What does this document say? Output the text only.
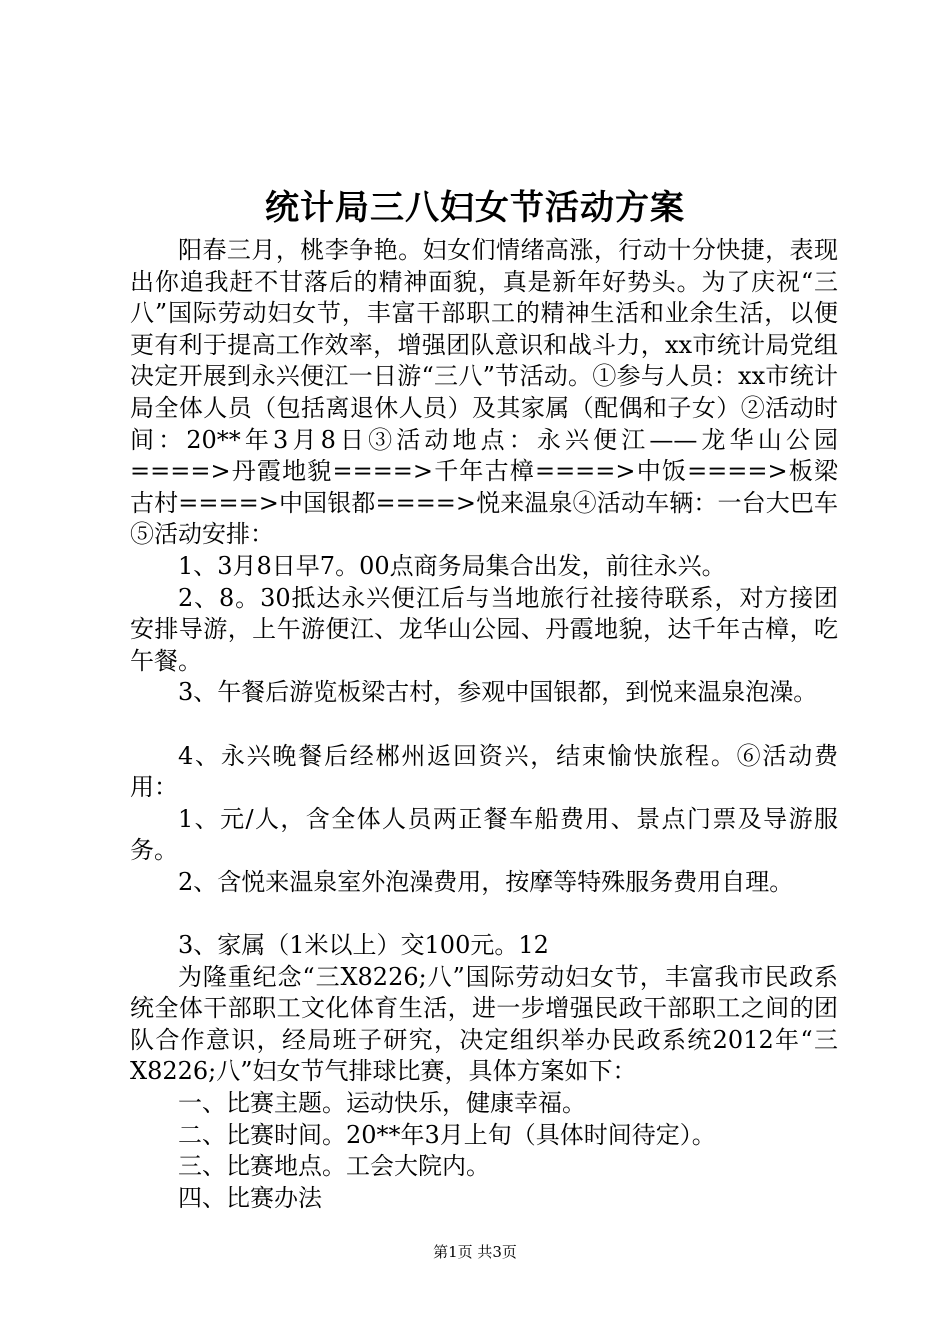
统计局三八妇女节活动方案

阳春三月，桃李争艳。妇女们情绪高涨，行动十分快捷，表现出你追我赶不甘落后的精神面貌，真是新年好势头。为了庆祝“三八”国际劳动妇女节，丰富干部职工的精神生活和业余生活，以便更有利于提高工作效率，增强团队意识和战斗力，xx市统计局党组决定开展到永兴便江一日游“三八”节活动。①参与人员：xx市统计局全体人员（包括离退休人员）及其家属（配偶和子女）②活动时间：20**年3月8日③活动地点：永兴便江——龙华山公园====>丹霞地貌====>千年古樟====>中饭====>板梁古村====>中国银都====>悦来温泉④活动车辆：一台大巴车⑤活动安排：

1、3月8日早7。00点商务局集合出发，前往永兴。

2、8。30抵达永兴便江后与当地旅行社接待联系，对方接团安排导游，上午游便江、龙华山公园、丹霞地貌，达千年古樟，吃午餐。

3、午餐后游览板梁古村，参观中国银都，到悦来温泉泡澡。

4、永兴晚餐后经郴州返回资兴，结束愉快旅程。⑥活动费用：

1、元/人，含全体人员两正餐车船费用、景点门票及导游服务。

2、含悦来温泉室外泡澡费用，按摩等特殊服务费用自理。

3、家属（1米以上）交100元。12

为隆重纪念“三X8226;八”国际劳动妇女节，丰富我市民政系统全体干部职工文化体育生活，进一步增强民政干部职工之间的团队合作意识，经局班子研究，决定组织举办民政系统2012年“三X8226;八”妇女节气排球比赛，具体方案如下：

一、比赛主题。运动快乐，健康幸福。

二、比赛时间。20**年3月上旬（具体时间待定）。

三、比赛地点。工会大院内。

四、比赛办法

第1页 共3页
